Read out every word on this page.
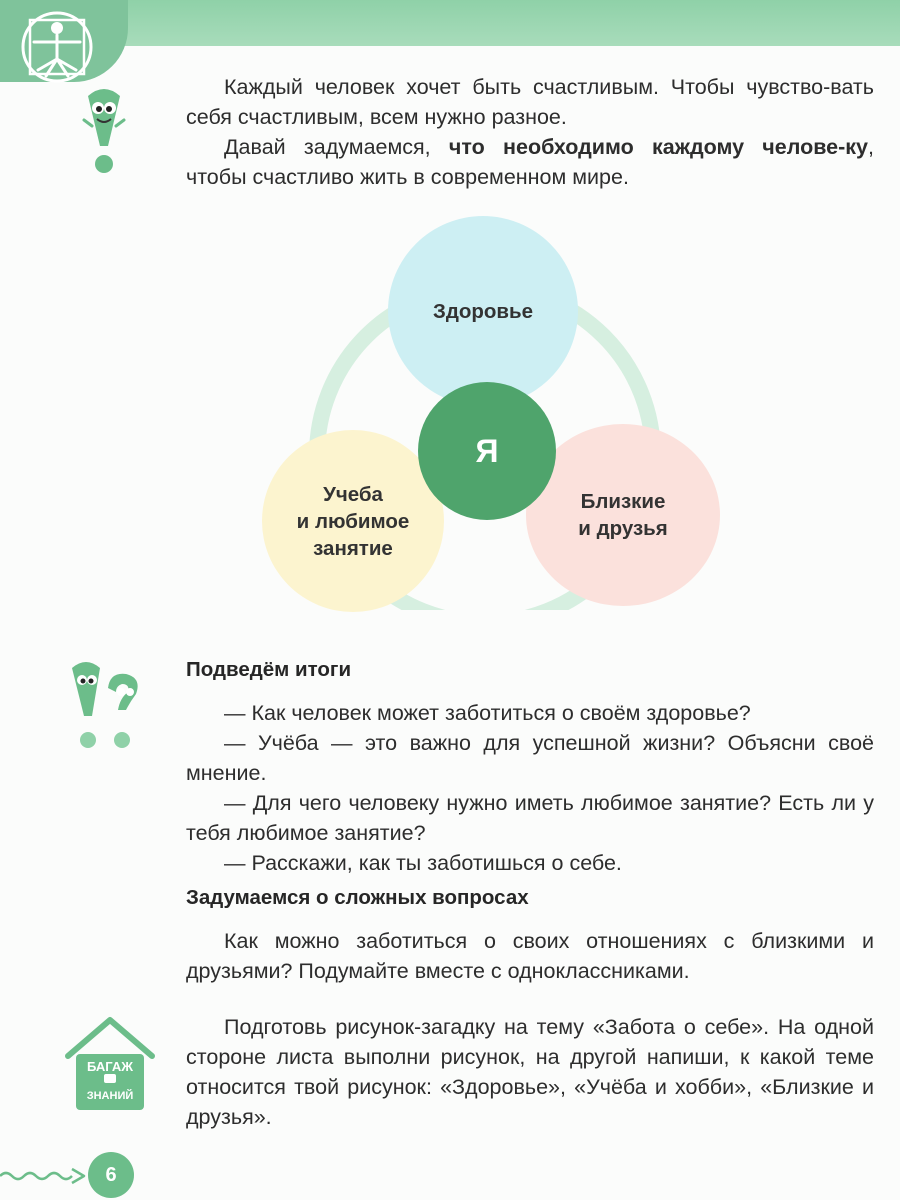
Каждый человек хочет быть счастливым. Чтобы чувство-вать себя счастливым, всем нужно разное.

Давай задумаемся, что необходимо каждому челове-ку, чтобы счастливо жить в современном мире.

Здоровье
Учеба
и любимое
занятие
Близкие
и друзья
Я
Подведём итоги

— Как человек может заботиться о своём здоровье?

— Учёба — это важно для успешной жизни? Объясни своё мнение.

— Для чего человеку нужно иметь любимое занятие? Есть ли у тебя любимое занятие?

— Расскажи, как ты заботишься о себе.

Задумаемся о сложных вопросах

Как можно заботиться о своих отношениях с близкими и друзьями? Подумайте вместе с одноклассниками.

БАГАЖ
ЗНАНИЙ

Подготовь рисунок-загадку на тему «Забота о себе». На одной стороне листа выполни рисунок, на другой напиши, к какой теме относится твой рисунок: «Здоровье», «Учёба и хобби», «Близкие и друзья».

6
